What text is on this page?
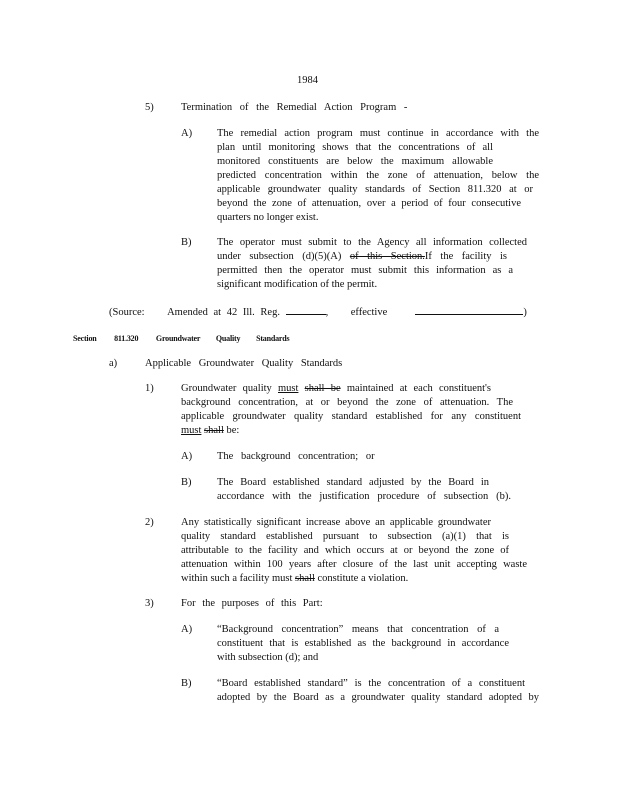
1984
5)	Termination of the Remedial Action Program -
A) The remedial action program must continue in accordance with the

plan until monitoring shows that the concentrations of all

monitored constituents are below the maximum allowable

predicted concentration within the zone of attenuation, below the

applicable groundwater quality standards of Section 811.320 at or

beyond the zone of attenuation, over a period of four consecutive

quarters no longer exist.

B) The operator must submit to the Agency all information collected

under subsection (d)(5)(A) of this Section.If the facility is

permitted then the operator must submit this information as a

significant modification of the permit.

(Source: Amended at 42 Ill. Reg.	, effective	)
Section 811.320 Groundwater Quality Standards
a)	Applicable Groundwater Quality Standards
1)	Groundwater quality must shall be maintained at each constituent's

background concentration, at or beyond the zone of attenuation. The

applicable groundwater quality standard established for any constituent

must shall be:

A) The background concentration; or
B) The Board established standard adjusted by the Board in

accordance with the justification procedure of subsection (b).

2)	Any statistically significant increase above an applicable groundwater

quality standard established pursuant to subsection (a)(1) that is

attributable to the facility and which occurs at or beyond the zone of

attenuation within 100 years after closure of the last unit accepting waste

within such a facility must shall constitute a violation.

3)	For the purposes of this Part:
A) “Background concentration” means that concentration of a

constituent that is established as the background in accordance

with subsection (d); and

B) “Board established standard” is the concentration of a constituent

adopted by the Board as a groundwater quality standard adopted by
